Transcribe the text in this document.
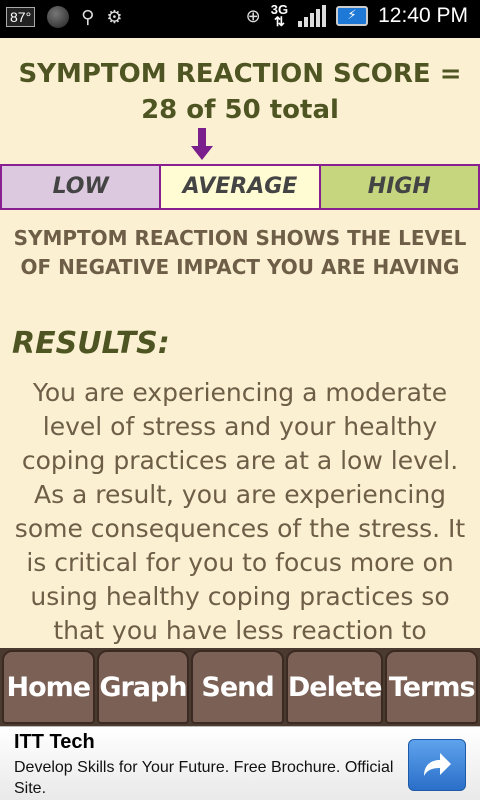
87°	⚲ ⚙	⊕ 3G
⇅	⚡	12:40 PM
SYMPTOM REACTION SCORE =
28 of 50 total
LOW	AVERAGE	HIGH
SYMPTOM REACTION SHOWS THE LEVEL
OF NEGATIVE IMPACT YOU ARE HAVING
RESULTS:
You are experiencing a moderate level of stress and your healthy coping practices are at a low level. As a result, you are experiencing some consequences of the stress. It is critical for you to focus more on using healthy coping practices so that you have less reaction to
Home Graph Send Delete Terms
ITT Tech
Develop Skills for Your Future. Free Brochure. Official Site.
